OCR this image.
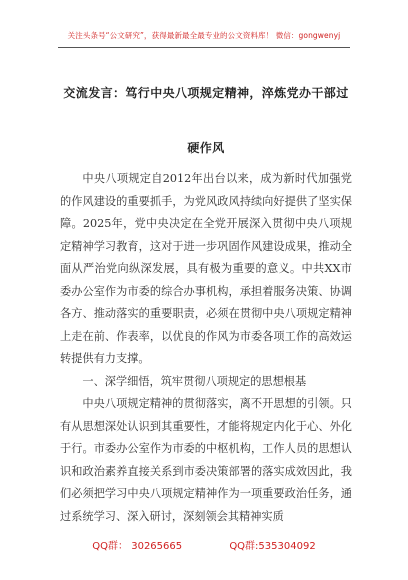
关注头条号“公文研究”，获得最新最全最专业的公文资料库！ 微信：gongwenyj
交流发言：笃行中央八项规定精神，淬炼党办干部过硬作风

中央八项规定自2012年出台以来，成为新时代加强党的作风建设的重要抓手，为党风政风持续向好提供了坚实保障。2025年，党中央决定在全党开展深入贯彻中央八项规定精神学习教育，这对于进一步巩固作风建设成果，推动全面从严治党向纵深发展，具有极为重要的意义。中共XX市委办公室作为市委的综合办事机构，承担着服务决策、协调各方、推动落实的重要职责，必须在贯彻中央八项规定精神上走在前、作表率，以优良的作风为市委各项工作的高效运转提供有力支撑。

一、深学细悟，筑牢贯彻八项规定的思想根基

中央八项规定精神的贯彻落实，离不开思想的引领。只有从思想深处认识到其重要性，才能将规定内化于心、外化于行。市委办公室作为市委的中枢机构，工作人员的思想认识和政治素养直接关系到市委决策部署的落实成效因此，我们必须把学习中央八项规定精神作为一项重要政治任务，通过系统学习、深入研讨，深刻领会其精神实质

QQ群： 30265665	QQ群:535304092
